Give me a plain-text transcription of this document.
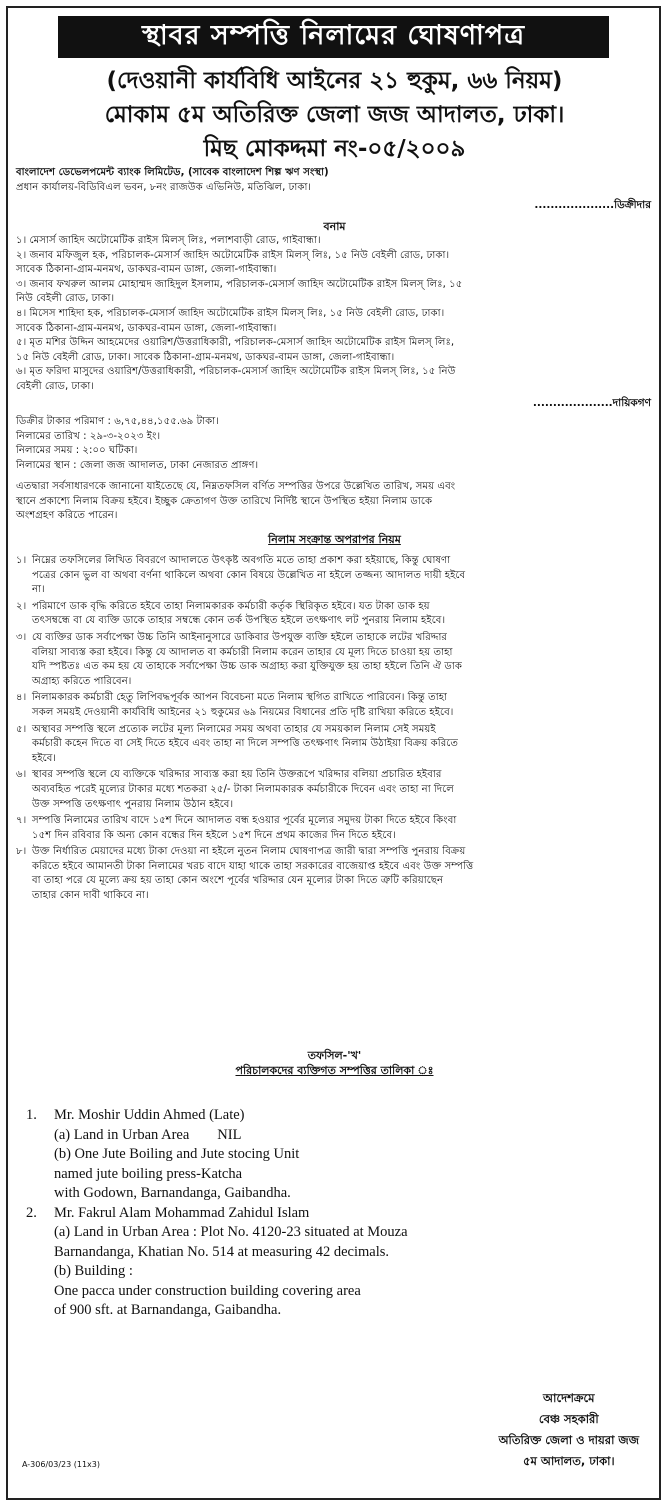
স্থাবর সম্পত্তি নিলামের ঘোষণাপত্র
(দেওয়ানী কার্যবিধি আইনের ২১ হুকুম, ৬৬ নিয়ম)
মোকাম ৫ম অতিরিক্ত জেলা জজ আদালত, ঢাকা।
মিছ মোকদ্দমা নং-০৫/২০০৯
বাংলাদেশ ডেভেলপমেন্ট ব্যাংক লিমিটেড, (সাবেক বাংলাদেশ শিল্প ঋণ সংস্থা)
প্রধান কার্যালয়-বিডিবিএল ভবন, ৮নং রাজউক এভিনিউ, মতিঝিল, ঢাকা।
....................ডিক্রীদার
বনাম
১। মেসার্স জাহিদ অটোমেটিক রাইস মিলস্ লিঃ, পলাশবাড়ী রোড, গাইবান্ধা।
২। জনাব মফিজুল হক, পরিচালক-মেসার্স জাহিদ অটোমেটিক রাইস মিলস্ লিঃ, ১৫ নিউ বেইলী রোড, ঢাকা।
সাবেক ঠিকানা-গ্রাম-মনমথ, ডাকঘর-বামন ডাঙ্গা, জেলা-গাইবান্ধা।
৩। জনাব ফখরুল আলম মোহাম্মদ জাহিদুল ইসলাম, পরিচালক-মেসার্স জাহিদ অটোমেটিক রাইস মিলস্ লিঃ, ১৫
নিউ বেইলী রোড, ঢাকা।
৪। মিসেস শাহিদা হক, পরিচালক-মেসার্স জাহিদ অটোমেটিক রাইস মিলস্ লিঃ, ১৫ নিউ বেইলী রোড, ঢাকা।
সাবেক ঠিকানা-গ্রাম-মনমথ, ডাকঘর-বামন ডাঙ্গা, জেলা-গাইবান্ধা।
৫। মৃত মশির উদ্দিন আহমেদের ওয়ারিশ/উত্তরাধিকারী, পরিচালক-মেসার্স জাহিদ অটোমেটিক রাইস মিলস্ লিঃ,
১৫ নিউ বেইলী রোড, ঢাকা। সাবেক ঠিকানা-গ্রাম-মনমথ, ডাকঘর-বামন ডাঙ্গা, জেলা-গাইবান্ধা।
৬। মৃত ফরিদা মাসুদের ওয়ারিশ/উত্তরাধিকারী, পরিচালক-মেসার্স জাহিদ অটোমেটিক রাইস মিলস্ লিঃ, ১৫ নিউ
বেইলী রোড, ঢাকা।
....................দায়িকগণ
ডিক্রীর টাকার পরিমাণ : ৬,৭৫,৪৪,১৫৫.৬৯ টাকা।
নিলামের তারিখ : ২৯-৩-২০২৩ ইং।
নিলামের সময় : ২:০০ ঘটিকা।
নিলামের স্থান : জেলা জজ আদালত, ঢাকা নেজারত প্রাঙ্গণ।
এতদ্বারা সর্বসাধারণকে জানানো যাইতেছে যে, নিম্নতফসিল বর্ণিত সম্পত্তির উপরে উল্লেখিত তারিখ, সময় এবং
স্থানে প্রকাশ্যে নিলাম বিক্রয় হইবে। ইচ্ছুক ক্রেতাগণ উক্ত তারিখে নির্দিষ্ট স্থানে উপস্থিত হইয়া নিলাম ডাকে
অংশগ্রহণ করিতে পারেন।
নিলাম সংক্রান্ত অপরাপর নিয়ম
১। নিম্নের তফসিলের লিখিত বিবরণে আদালতে উৎকৃষ্ট অবগতি মতে তাহা প্রকাশ করা হইয়াছে, কিন্তু ঘোষণা
পত্রের কোন ভুল বা অথবা বর্ণনা থাকিলে অথবা কোন বিষয়ে উল্লেখিত না হইলে তজ্জন্য আদালত দায়ী হইবে
না।
২। পরিমাণে ডাক বৃদ্ধি করিতে হইবে তাহা নিলামকারক কর্মচারী কর্তৃক স্থিরিকৃত হইবে। যত টাকা ডাক হয়
তৎসম্বন্ধে বা যে ব্যক্তি ডাকে তাহার সম্বন্ধে কোন তর্ক উপস্থিত হইলে তৎক্ষণাৎ লট পুনরায় নিলাম হইবে।
৩। যে ব্যক্তির ডাক সর্বাপেক্ষা উচ্চ তিনি আইনানুসারে ডাকিবার উপযুক্ত ব্যক্তি হইলে তাহাকে লটের খরিদ্দার
বলিয়া সাব্যস্ত করা হইবে। কিন্তু যে আদালত বা কর্মচারী নিলাম করেন তাহার যে মূল্য দিতে চাওয়া হয় তাহা
যদি স্পষ্টতঃ এত কম হয় যে তাহাকে সর্বাপেক্ষা উচ্চ ডাক অগ্রাহ্য করা যুক্তিযুক্ত হয় তাহা হইলে তিনি ঐ ডাক
অগ্রাহ্য করিতে পারিবেন।
৪। নিলামকারক কর্মচারী হেতু লিপিবদ্ধপূর্বক আপন বিবেচনা মতে নিলাম স্থগিত রাখিতে পারিবেন। কিন্তু তাহা
সকল সময়ই দেওয়ানী কার্যবিধি আইনের ২১ হুকুমের ৬৯ নিয়মের বিধানের প্রতি দৃষ্টি রাখিয়া করিতে হইবে।
৫। অস্থাবর সম্পত্তি স্থলে প্রত্যেক লটের মূল্য নিলামের সময় অথবা তাহার যে সময়কাল নিলাম সেই সময়ই
কর্মচারী কহেন দিতে বা সেই দিতে হইবে এবং তাহা না দিলে সম্পত্তি তৎক্ষণাৎ নিলাম উঠাইয়া বিক্রয় করিতে
হইবে।
৬। স্থাবর সম্পত্তি স্থলে যে ব্যক্তিকে খরিদ্দার সাব্যস্ত করা হয় তিনি উক্তরূপে খরিদ্দার বলিয়া প্রচারিত হইবার
অব্যবহিত পরেই মূল্যের টাকার মধ্যে শতকরা ২৫/- টাকা নিলামকারক কর্মচারীকে দিবেন এবং তাহা না দিলে
উক্ত সম্পত্তি তৎক্ষণাৎ পুনরায় নিলাম উঠান হইবে।
৭। সম্পত্তি নিলামের তারিখ বাদে ১৫শ দিনে আদালত বন্ধ হওয়ার পূর্বের মূল্যের সমুদয় টাকা দিতে হইবে কিংবা
১৫শ দিন রবিবার কি অন্য কোন বন্ধের দিন হইলে ১৫শ দিনে প্রথম কাজের দিন দিতে হইবে।
৮। উক্ত নির্ধারিত মেয়াদের মধ্যে টাকা দেওয়া না হইলে নুতন নিলাম ঘোষণাপত্র জারী দ্বারা সম্পত্তি পুনরায় বিক্রয়
করিতে হইবে আমানতী টাকা নিলামের খরচ বাদে যাহা থাকে তাহা সরকারের বাজেয়াপ্ত হইবে এবং উক্ত সম্পত্তি
বা তাহা পরে যে মূল্যে ক্রয় হয় তাহা কোন অংশে পূর্বের খরিদ্দার যেন মূল্যের টাকা দিতে ত্রুটি করিয়াছেন
তাহার কোন দাবী থাকিবে না।
তফসিল-'খ'
পরিচালকদের ব্যক্তিগত সম্পত্তির তালিকা ঃ
1.	Mr. Moshir Uddin Ahmed (Late)
(a) Land in Urban Area NIL
(b) One Jute Boiling and Jute stocing Unit
named jute boiling press-Katcha
with Godown, Barnandanga, Gaibandha.
2.	Mr. Fakrul Alam Mohammad Zahidul Islam
(a) Land in Urban Area : Plot No. 4120-23 situated at Mouza
Barnandanga, Khatian No. 514 at measuring 42 decimals.
(b) Building :
One pacca under construction building covering area
of 900 sft. at Barnandanga, Gaibandha.
আদেশক্রমে
বেঞ্চ সহকারী
অতিরিক্ত জেলা ও দায়রা জজ
৫ম আদালত, ঢাকা।
A-306/03/23 (11x3)
